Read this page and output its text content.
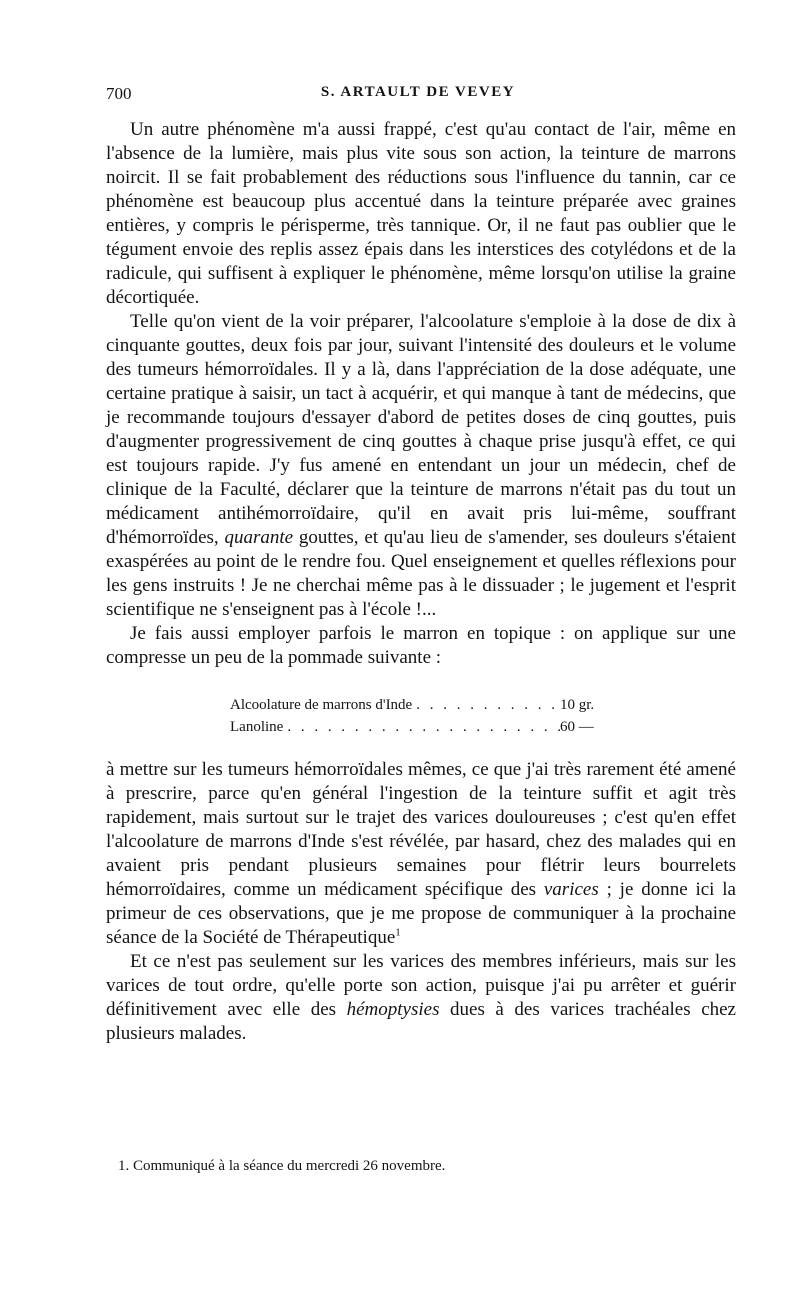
700	S. ARTAULT DE VEVEY

Un autre phénomène m'a aussi frappé, c'est qu'au contact de l'air, même en l'absence de la lumière, mais plus vite sous son action, la teinture de marrons noircit. Il se fait probablement des réductions sous l'influence du tannin, car ce phénomène est beaucoup plus accentué dans la teinture préparée avec graines entières, y compris le périsperme, très tannique. Or, il ne faut pas oublier que le tégument envoie des replis assez épais dans les interstices des cotylédons et de la radicule, qui suffisent à expliquer le phénomène, même lorsqu'on utilise la graine décortiquée.

Telle qu'on vient de la voir préparer, l'alcoolature s'emploie à la dose de dix à cinquante gouttes, deux fois par jour, suivant l'intensité des douleurs et le volume des tumeurs hémorroïdales. Il y a là, dans l'appréciation de la dose adéquate, une certaine pratique à saisir, un tact à acquérir, et qui manque à tant de médecins, que je recommande toujours d'essayer d'abord de petites doses de cinq gouttes, puis d'augmenter progressivement de cinq gouttes à chaque prise jusqu'à effet, ce qui est toujours rapide. J'y fus amené en entendant un jour un médecin, chef de clinique de la Faculté, déclarer que la teinture de marrons n'était pas du tout un médicament antihémorroïdaire, qu'il en avait pris lui-même, souffrant d'hémorroïdes, quarante gouttes, et qu'au lieu de s'amender, ses douleurs s'étaient exaspérées au point de le rendre fou. Quel enseignement et quelles réflexions pour les gens instruits ! Je ne cherchai même pas à le dissuader ; le jugement et l'esprit scientifique ne s'enseignent pas à l'école !...

Je fais aussi employer parfois le marron en topique : on applique sur une compresse un peu de la pommade suivante :

Alcoolature de marrons d'Inde . . .	10 gr.
Lanoline . . .	60 —

à mettre sur les tumeurs hémorroïdales mêmes, ce que j'ai très rarement été amené à prescrire, parce qu'en général l'ingestion de la teinture suffit et agit très rapidement, mais surtout sur le trajet des varices douloureuses ; c'est qu'en effet l'alcoolature de marrons d'Inde s'est révélée, par hasard, chez des malades qui en avaient pris pendant plusieurs semaines pour flétrir leurs bourrelets hémorroïdaires, comme un médicament spécifique des varices ; je donne ici la primeur de ces observations, que je me propose de communiquer à la prochaine séance de la Société de Thérapeutique$^1$

Et ce n'est pas seulement sur les varices des membres inférieurs, mais sur les varices de tout ordre, qu'elle porte son action, puisque j'ai pu arrêter et guérir définitivement avec elle des hémoptysies dues à des varices trachéales chez plusieurs malades.

1. Communiqué à la séance du mercredi 26 novembre.
